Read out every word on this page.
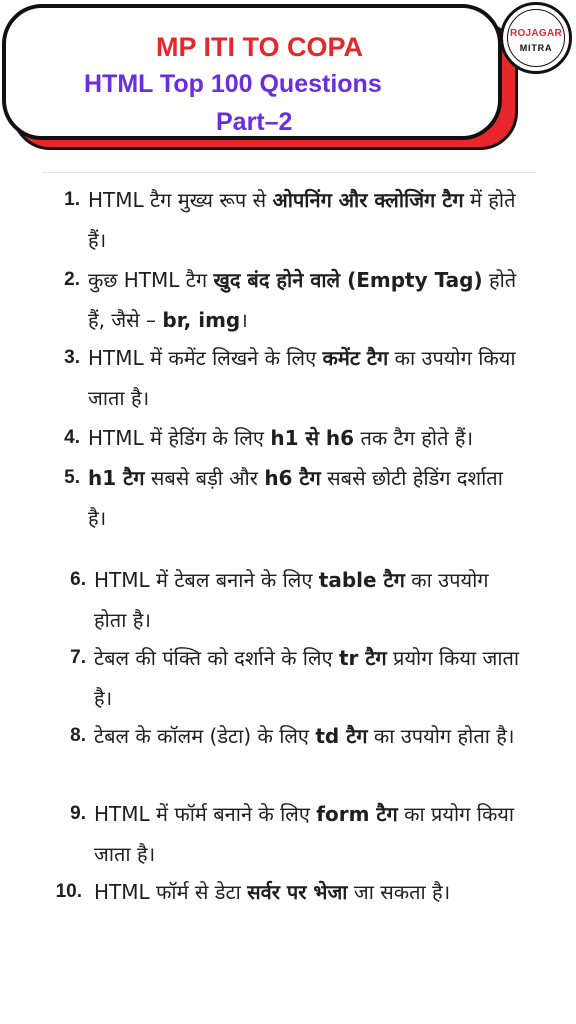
MP ITI TO COPA
HTML Top 100 Questions
Part–2
ROJAGAR
MITRA
1. HTML टैग मुख्य रूप से ओपनिंग और क्लोजिंग टैग में होते हैं।
2. कुछ HTML टैग खुद बंद होने वाले (Empty Tag) होते हैं, जैसे – br, img।
3. HTML में कमेंट लिखने के लिए कमेंट टैग का उपयोग किया जाता है।
4. HTML में हेडिंग के लिए h1 से h6 तक टैग होते हैं।
5. h1 टैग सबसे बड़ी और h6 टैग सबसे छोटी हेडिंग दर्शाता है।
6. HTML में टेबल बनाने के लिए table टैग का उपयोग होता है।
7. टेबल की पंक्ति को दर्शाने के लिए tr टैग प्रयोग किया जाता है।
8. टेबल के कॉलम (डेटा) के लिए td टैग का उपयोग होता है।
9. HTML में फॉर्म बनाने के लिए form टैग का प्रयोग किया जाता है।
10. HTML फॉर्म से डेटा सर्वर पर भेजा जा सकता है।
